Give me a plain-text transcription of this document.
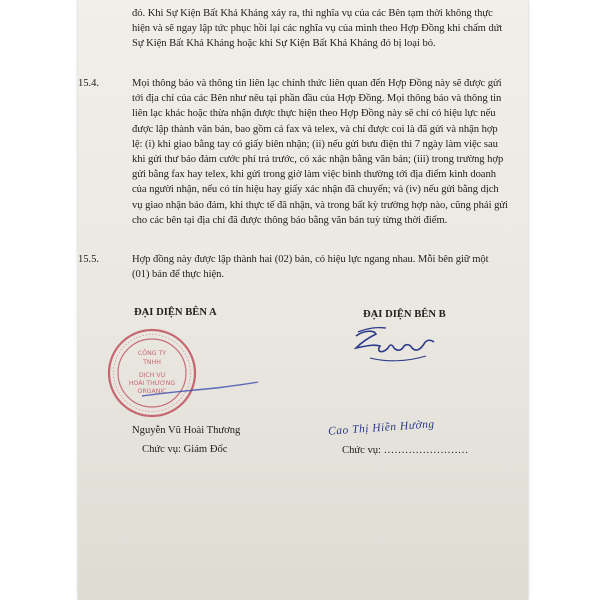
đó. Khi Sự Kiện Bất Khả Kháng xảy ra, thì nghĩa vụ của các Bên tạm thời không thực hiện và sẽ ngay lập tức phục hồi lại các nghĩa vụ của mình theo Hợp Đồng khi chấm dứt Sự Kiện Bất Khả Kháng hoặc khi Sự Kiện Bất Khả Kháng đó bị loại bỏ.
15.4.	Mọi thông báo và thông tin liên lạc chính thức liên quan đến Hợp Đồng này sẽ được gửi tới địa chỉ của các Bên như nêu tại phần đầu của Hợp Đồng. Mọi thông báo và thông tin liên lạc khác hoặc thừa nhận được thực hiện theo Hợp Đồng này sẽ chỉ có hiệu lực nếu được lập thành văn bản, bao gồm cả fax và telex, và chỉ được coi là đã gửi và nhận hợp lệ: (i) khi giao bằng tay có giấy biên nhận; (ii) nếu gửi bưu điện thì 7 ngày làm việc sau khi gửi thư báo đảm cước phí trả trước, có xác nhận bằng văn bản; (iii) trong trường hợp gửi bằng fax hay telex, khi gửi trong giờ làm việc bình thường tới địa điểm kinh doanh của người nhận, nếu có tín hiệu hay giấy xác nhận đã chuyển; và (iv) nếu gửi bằng dịch vụ giao nhận bảo đảm, khi thực tế đã nhận, và trong bất kỳ trường hợp nào, cũng phải gửi cho các bên tại địa chỉ đã được thông báo bằng văn bản tuỳ từng thời điểm.
15.5.	Hợp đồng này được lập thành hai (02) bản, có hiệu lực ngang nhau. Mỗi bên giữ một (01) bản để thực hiện.
ĐẠI DIỆN BÊN A	ĐẠI DIỆN BÊN B
CÔNG TY
TNHH
DỊCH VỤ
HOÀI THƯƠNG
ORGANIC
Nguyễn Vũ Hoài Thương	Cao Thị Hiền Hường
Chức vụ: Giám Đốc	Chức vụ: ……………………
